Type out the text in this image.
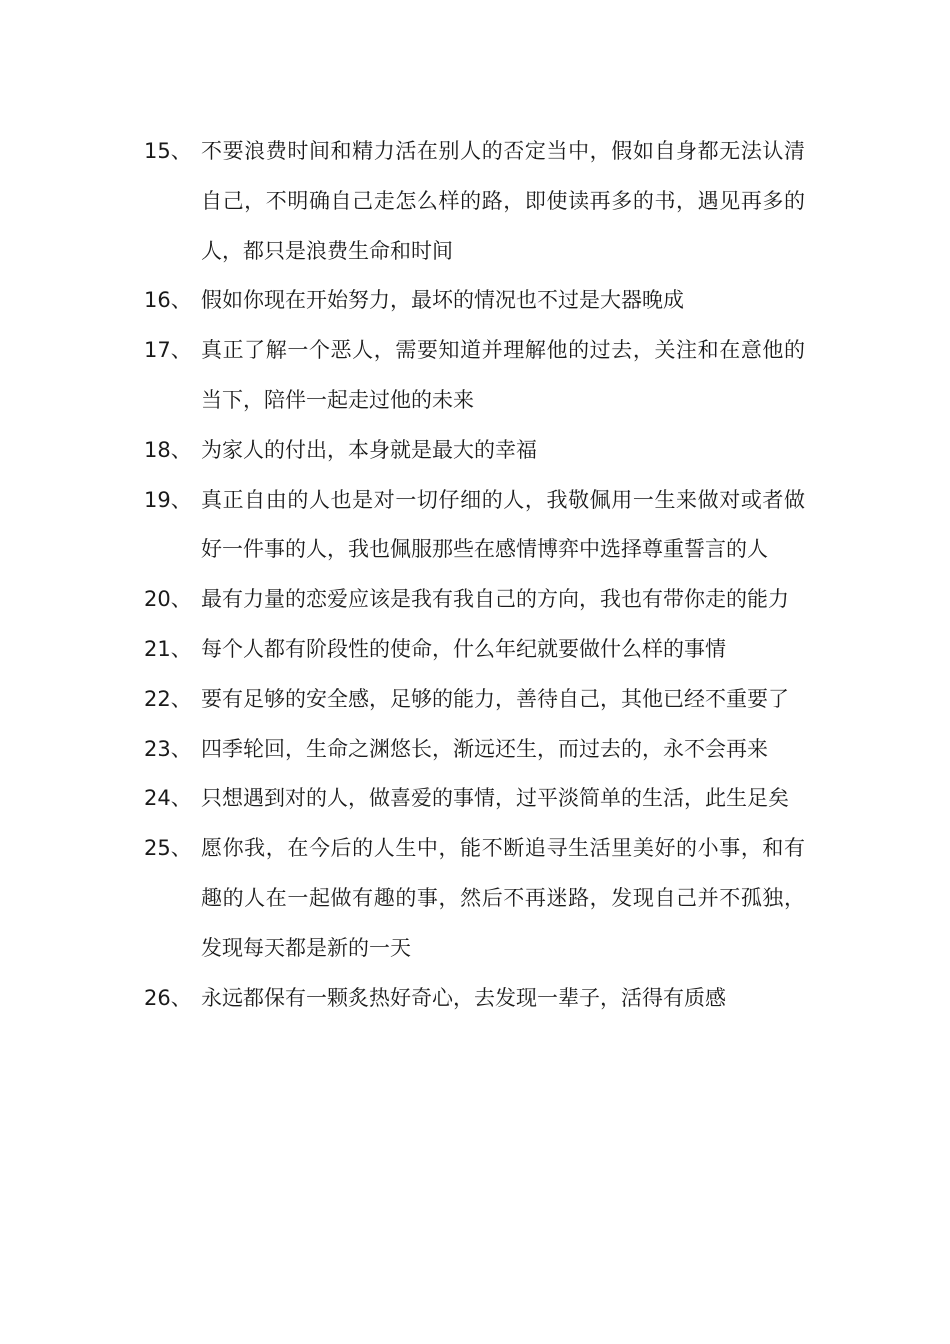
15、 不要浪费时间和精力活在别人的否定当中，假如自身都无法认清自己，不明确自己走怎么样的路，即使读再多的书，遇见再多的人，都只是浪费生命和时间
16、 假如你现在开始努力，最坏的情况也不过是大器晚成
17、 真正了解一个恶人，需要知道并理解他的过去，关注和在意他的当下，陪伴一起走过他的未来
18、 为家人的付出，本身就是最大的幸福
19、 真正自由的人也是对一切仔细的人，我敬佩用一生来做对或者做好一件事的人，我也佩服那些在感情博弈中选择尊重誓言的人
20、 最有力量的恋爱应该是我有我自己的方向，我也有带你走的能力
21、 每个人都有阶段性的使命，什么年纪就要做什么样的事情
22、 要有足够的安全感，足够的能力，善待自己，其他已经不重要了
23、 四季轮回，生命之渊悠长，渐远还生，而过去的，永不会再来
24、 只想遇到对的人，做喜爱的事情，过平淡简单的生活，此生足矣
25、 愿你我，在今后的人生中，能不断追寻生活里美好的小事，和有趣的人在一起做有趣的事，然后不再迷路，发现自己并不孤独，发现每天都是新的一天
26、 永远都保有一颗炙热好奇心，去发现一辈子，活得有质感
